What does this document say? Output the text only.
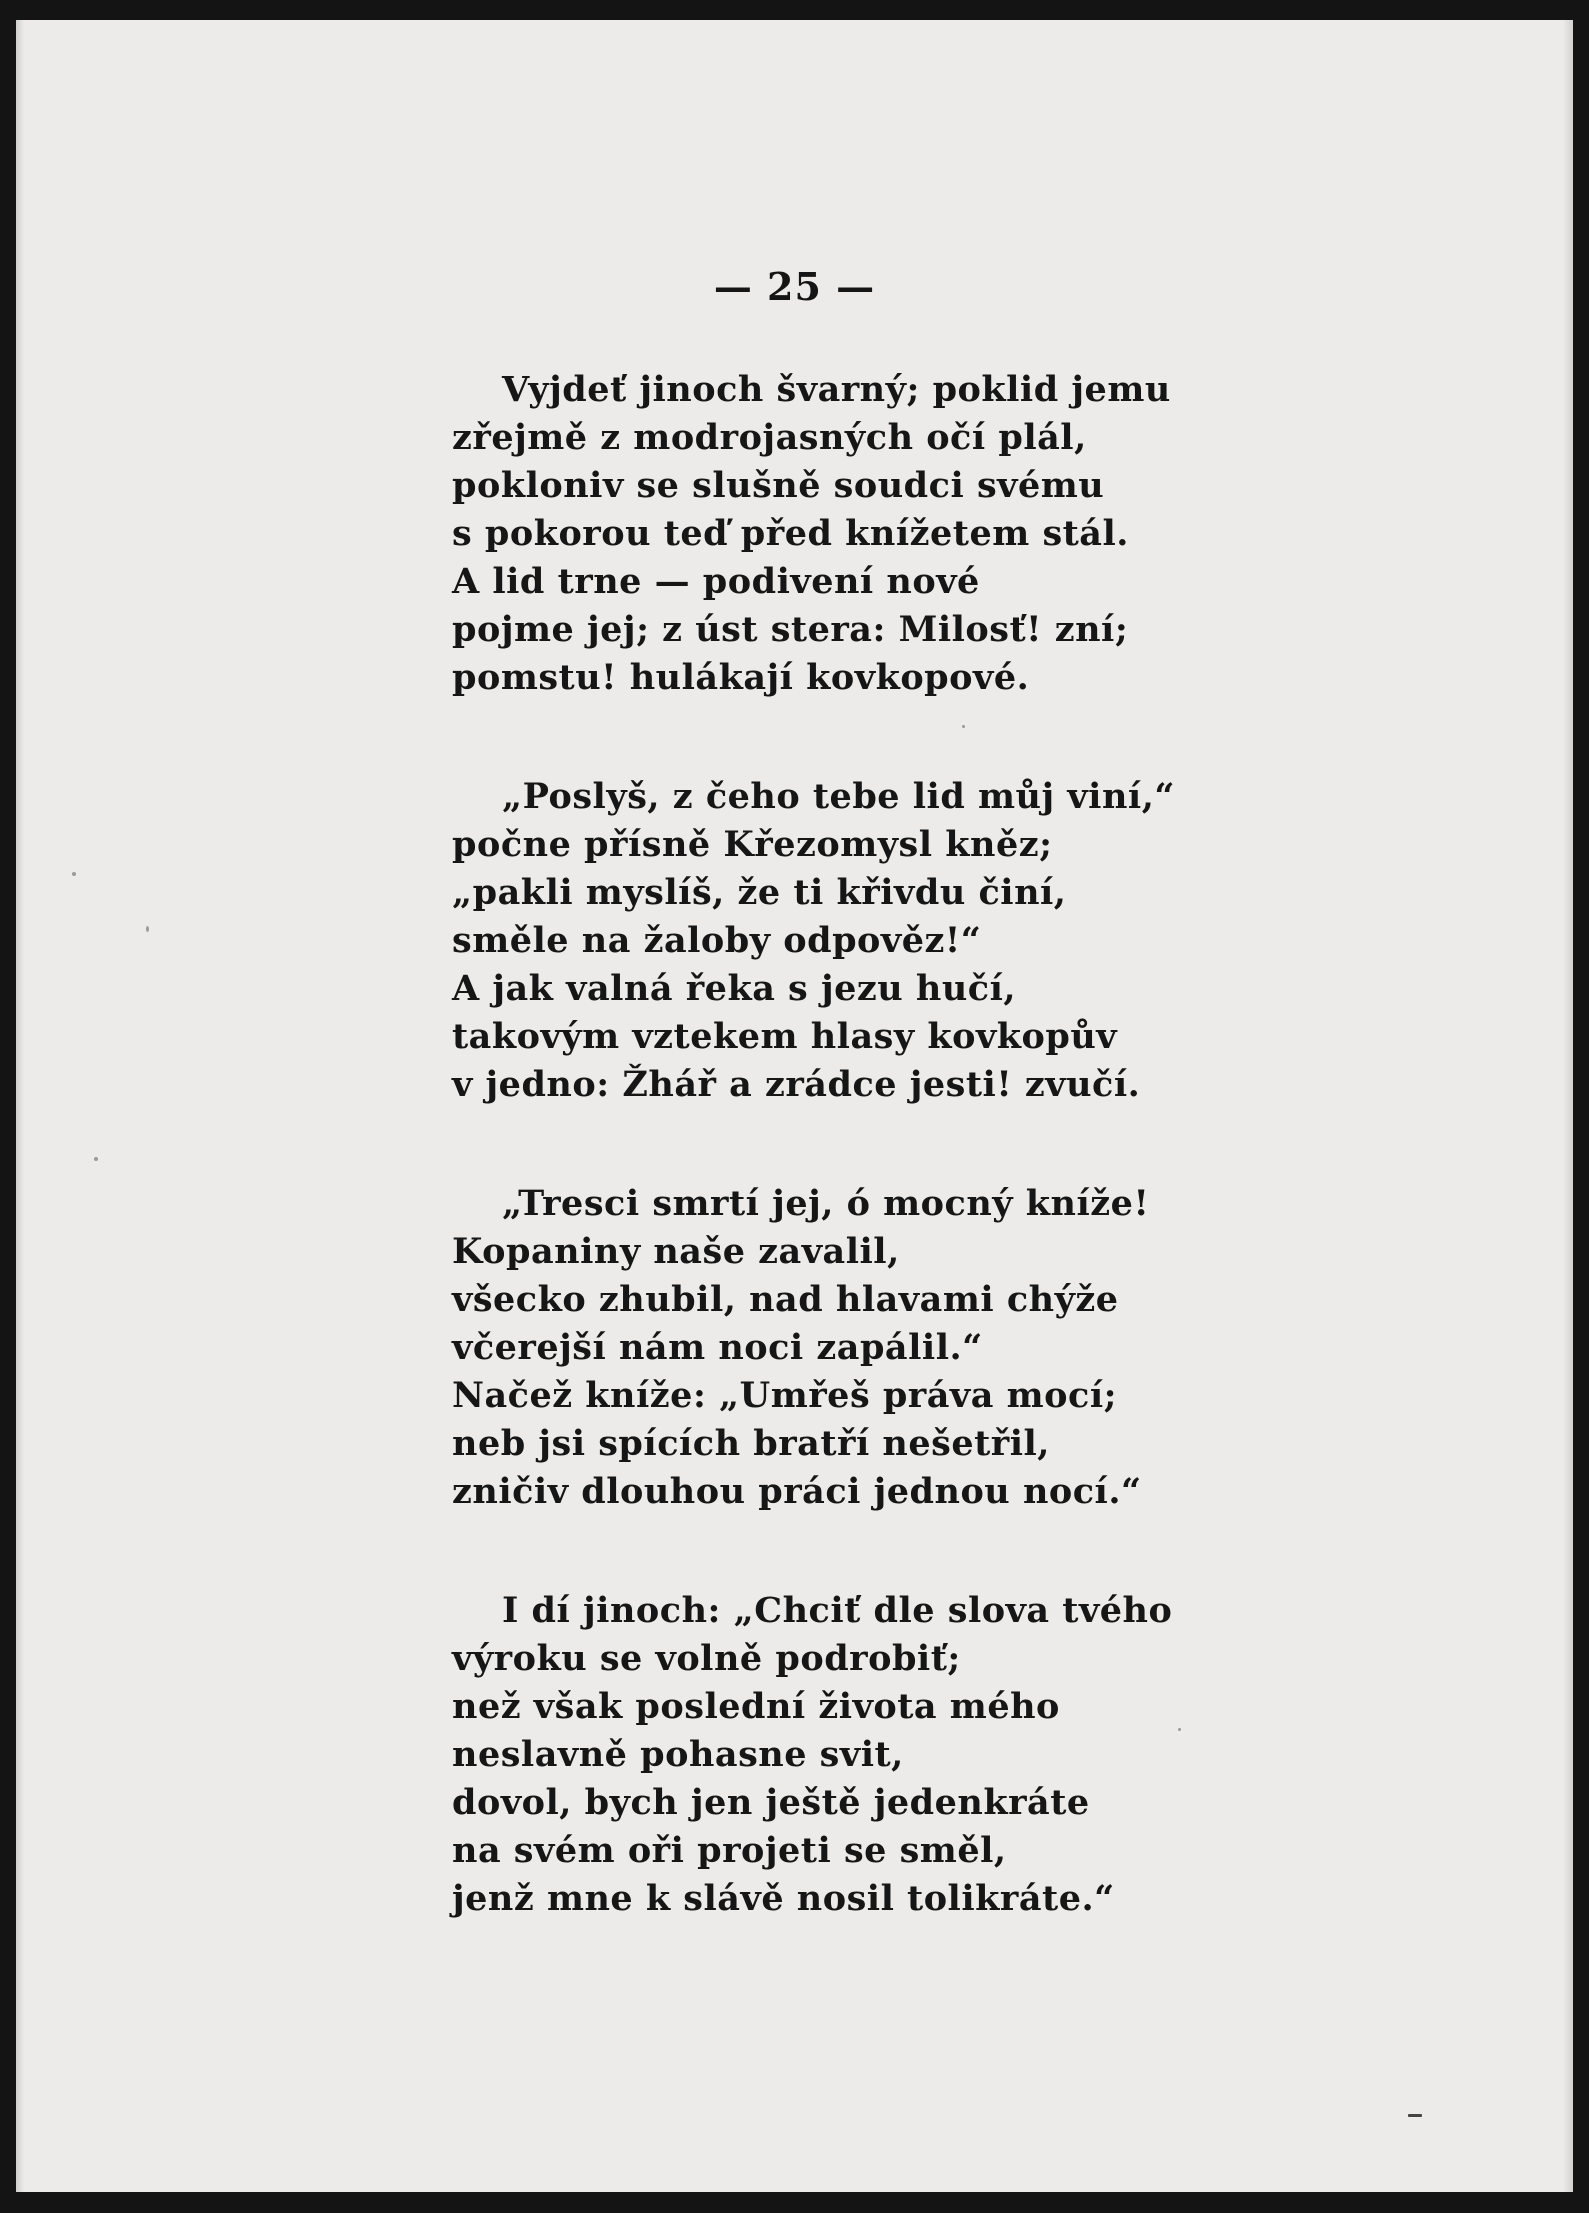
— 25 —
Vyjdeť jinoch švarný; poklid jemu
zřejmě z modrojasných očí plál,
pokloniv se slušně soudci svému
s pokorou teď před knížetem stál.
A lid trne — podivení nové
pojme jej; z úst stera: Milosť! zní;
pomstu! hulákají kovkopové.
„Poslyš, z čeho tebe lid můj viní,“
počne přísně Křezomysl kněz;
„pakli myslíš, že ti křivdu činí,
směle na žaloby odpověz!“
A jak valná řeka s jezu hučí,
takovým vztekem hlasy kovkopův
v jedno: Žhář a zrádce jesti! zvučí.
„Tresci smrtí jej, ó mocný kníže!
Kopaniny naše zavalil,
všecko zhubil, nad hlavami chýže
včerejší nám noci zapálil.“
Načež kníže: „Umřeš práva mocí;
neb jsi spících bratří nešetřil,
zničiv dlouhou práci jednou nocí.“
I dí jinoch: „Chciť dle slova tvého
výroku se volně podrobiť;
než však poslední života mého
neslavně pohasne svit,
dovol, bych jen ještě jedenkráte
na svém oři projeti se směl,
jenž mne k slávě nosil tolikráte.“
